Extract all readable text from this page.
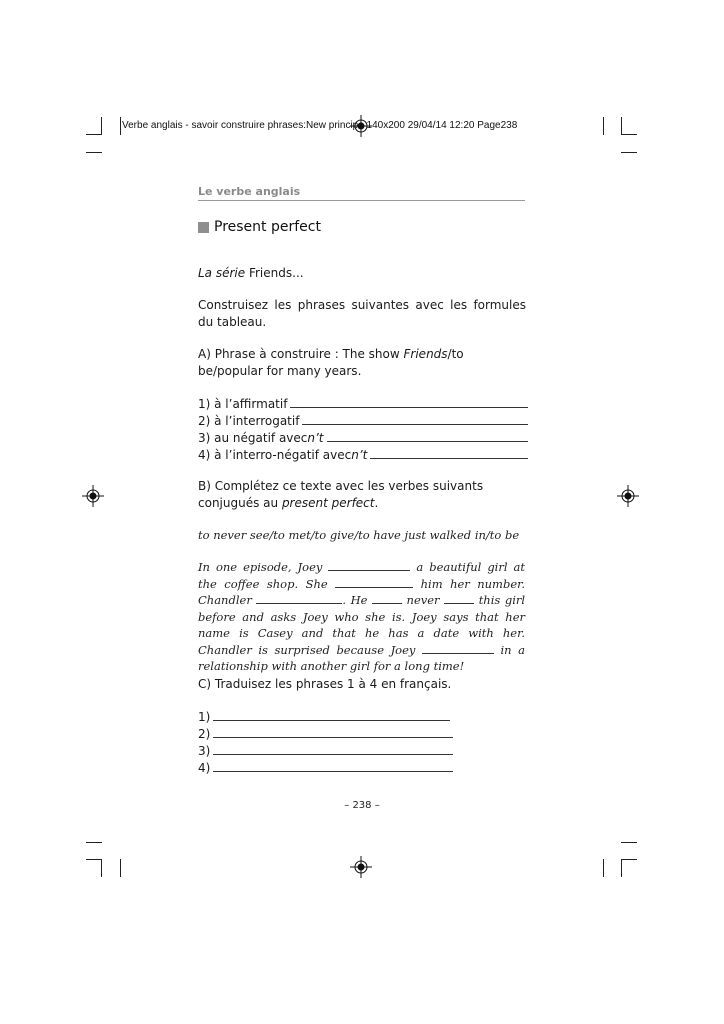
Verbe anglais - savoir construire phrases:New principe 140x200 29/04/14 12:20 Page238
Le verbe anglais
Present perfect
La série Friends...
Construisez les phrases suivantes avec les formules du tableau.
A) Phrase à construire : The show Friends/to be/popular for many years.
1) à l’affirmatif
2) à l’interrogatif
3) au négatif avec n’t
4) à l’interro-négatif avec n’t
B) Complétez ce texte avec les verbes suivants conjugués au present perfect.
to never see/to met/to give/to have just walked in/to be
In one episode, Joey	a beautiful girl at the coffee shop. She	him her number. Chandler	. He	never	this girl before and asks Joey who she is. Joey says that her name is Casey and that he has a date with her. Chandler is surprised because Joey	in a relationship with another girl for a long time!
C) Traduisez les phrases 1 à 4 en français.
1)
2)
3)
4)
– 238 –
